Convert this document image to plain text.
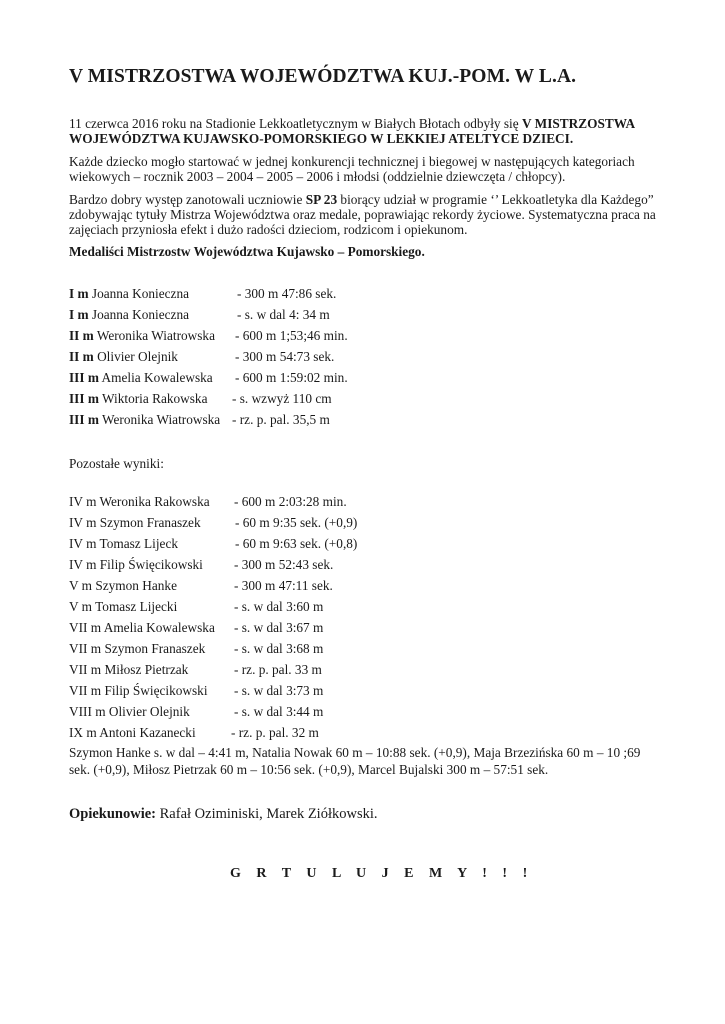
V MISTRZOSTWA WOJEWÓDZTWA KUJ.-POM. W L.A.
11 czerwca 2016 roku na Stadionie Lekkoatletycznym w Białych Błotach odbyły się V MISTRZOSTWA WOJEWÓDZTWA KUJAWSKO-POMORSKIEGO W LEKKIEJ ATELTYCE DZIECI.
Każde dziecko mogło startować w jednej konkurencji technicznej i biegowej w następujących kategoriach wiekowych – rocznik 2003 – 2004 – 2005 – 2006 i młodsi (oddzielnie dziewczęta / chłopcy).
Bardzo dobry występ zanotowali uczniowie SP 23 biorący udział w programie ‘’ Lekkoatletyka dla Każdego” zdobywając tytuły Mistrza Województwa oraz medale, poprawiając rekordy życiowe. Systematyczna praca na zajęciach przyniosła efekt i dużo radości dzieciom, rodzicom i opiekunom.
Medaliści Mistrzostw Województwa Kujawsko – Pomorskiego.
I m Joanna Konieczna	- 300 m 47:86 sek.
I m Joanna Konieczna	- s. w dal 4: 34 m
II m Weronika Wiatrowska - 600 m 1;53;46 min.
II m Olivier Olejnik	- 300 m 54:73 sek.
III m Amelia Kowalewska - 600 m 1:59:02 min.
III m Wiktoria Rakowska - s. wzwyż 110 cm
III m Weronika Wiatrowska - rz. p. pal. 35,5 m
Pozostałe wyniki:
IV m Weronika Rakowska - 600 m 2:03:28 min.
IV m Szymon Franaszek	- 60 m 9:35 sek. (+0,9)
IV m Tomasz Lijeck	- 60 m 9:63 sek. (+0,8)
IV m Filip Święcikowski - 300 m 52:43 sek.
V m Szymon Hanke	- 300 m 47:11 sek.
V m Tomasz Lijecki	- s. w dal 3:60 m
VII m Amelia Kowalewska - s. w dal 3:67 m
VII m Szymon Franaszek - s. w dal 3:68 m
VII m Miłosz Pietrzak	- rz. p. pal. 33 m
VII m Filip Święcikowski - s. w dal 3:73 m
VIII m Olivier Olejnik	- s. w dal 3:44 m
IX m Antoni Kazanecki	- rz. p. pal. 32 m
Szymon Hanke s. w dal – 4:41 m, Natalia Nowak 60 m – 10:88 sek. (+0,9), Maja Brzezińska 60 m – 10 ;69 sek. (+0,9), Miłosz Pietrzak 60 m – 10:56 sek. (+0,9), Marcel Bujalski 300 m – 57:51 sek.
Opiekunowie: Rafał Oziminiski, Marek Ziółkowski.
G R T U L U J E M Y ! ! !
